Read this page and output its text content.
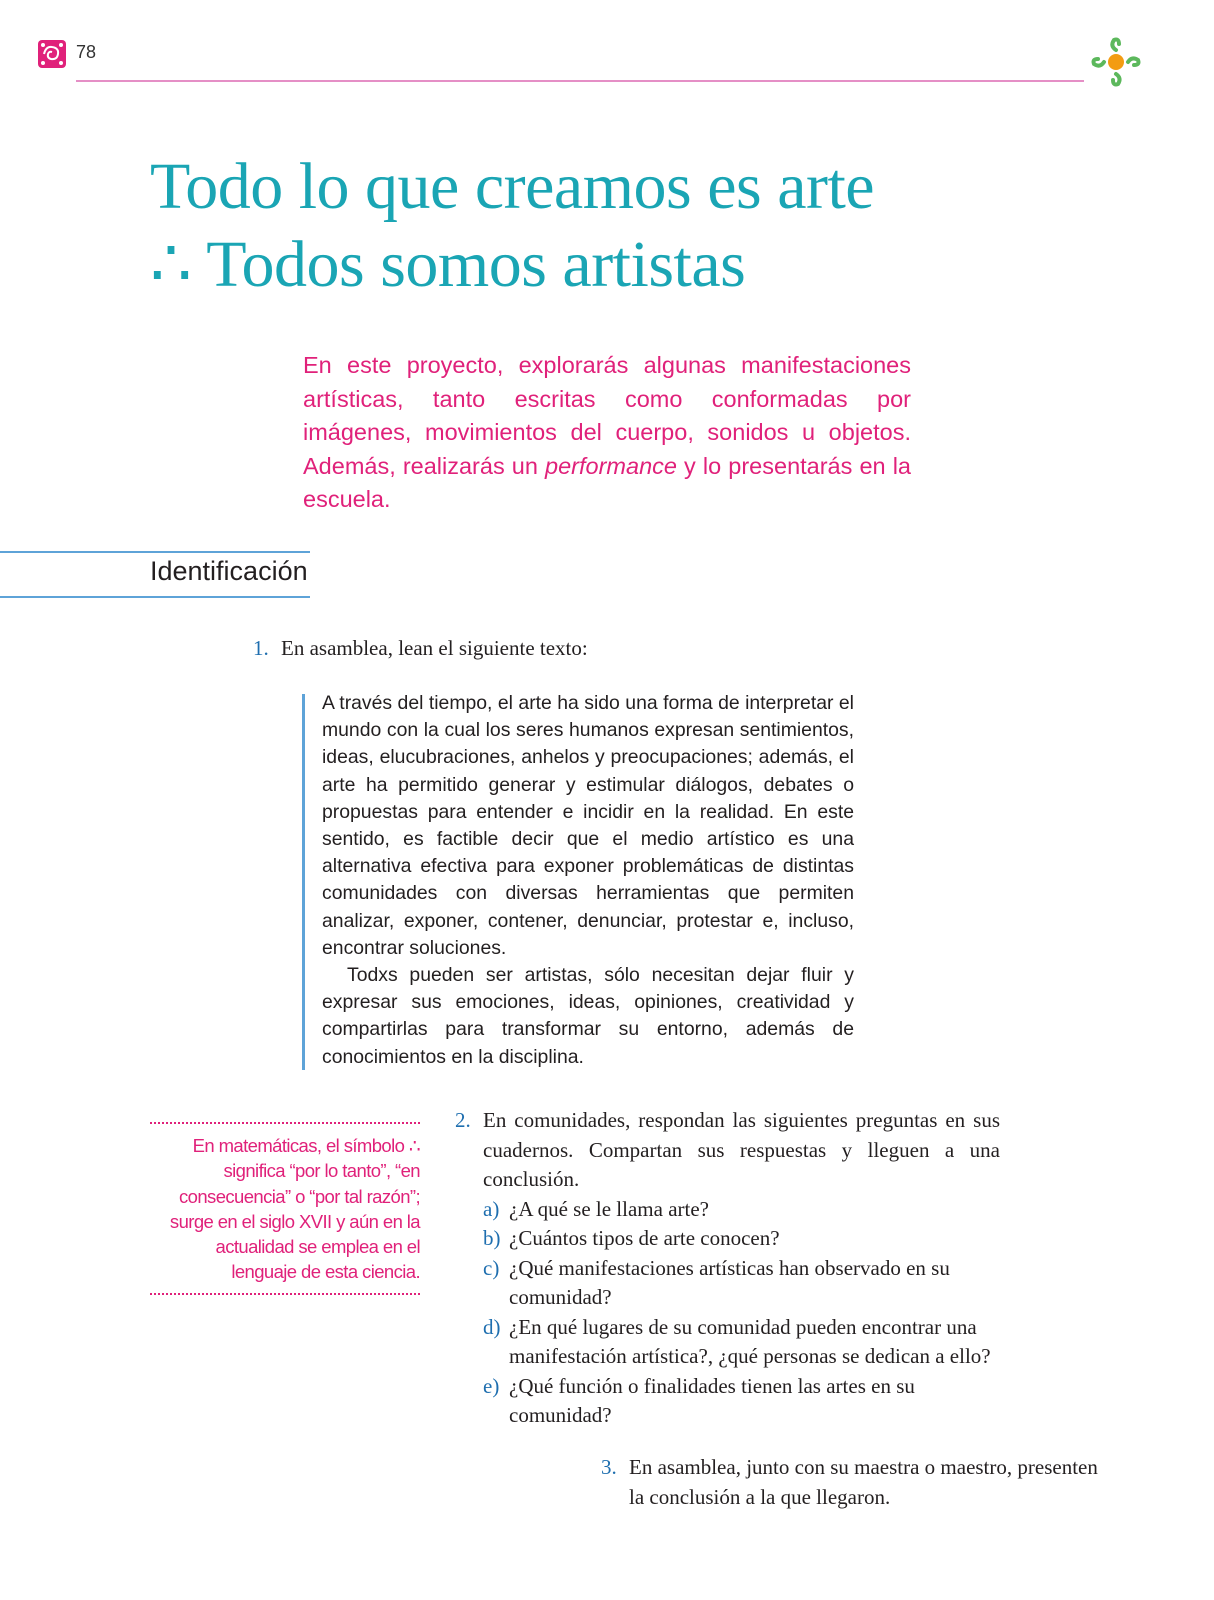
78
Todo lo que creamos es arte
∴ Todos somos artistas

En este proyecto, explorarás algunas manifestaciones artísticas, tanto escritas como conformadas por imágenes, movimientos del cuerpo, sonidos u objetos. Además, realizarás un performance y lo presentarás en la escuela.

Identificación

1. En asamblea, lean el siguiente texto:

A través del tiempo, el arte ha sido una forma de interpretar el mundo con la cual los seres humanos expresan sentimientos, ideas, elucubraciones, anhelos y preocupaciones; además, el arte ha permitido generar y estimular diálogos, debates o propuestas para entender e incidir en la realidad. En este sentido, es factible decir que el medio artístico es una alternativa efectiva para exponer problemáticas de distintas comunidades con diversas herramientas que permiten analizar, exponer, contener, denunciar, protestar e, incluso, encontrar soluciones.

Todxs pueden ser artistas, sólo necesitan dejar fluir y expresar sus emociones, ideas, opiniones, creatividad y compartirlas para transformar su entorno, además de conocimientos en la disciplina.

En matemáticas, el símbolo ∴ significa “por lo tanto”, “en consecuencia” o “por tal razón”; surge en el siglo XVII y aún en la actualidad se emplea en el lenguaje de esta ciencia.
2. En comunidades, respondan las siguientes preguntas en sus cuadernos. Compartan sus respuestas y lleguen a una conclusión.
a) ¿A qué se le llama arte?
b) ¿Cuántos tipos de arte conocen?
c) ¿Qué manifestaciones artísticas han observado en su comunidad?
d) ¿En qué lugares de su comunidad pueden encontrar una manifestación artística?, ¿qué personas se dedican a ello?
e) ¿Qué función o finalidades tienen las artes en su comunidad?
3. En asamblea, junto con su maestra o maestro, presenten la conclusión a la que llegaron.
